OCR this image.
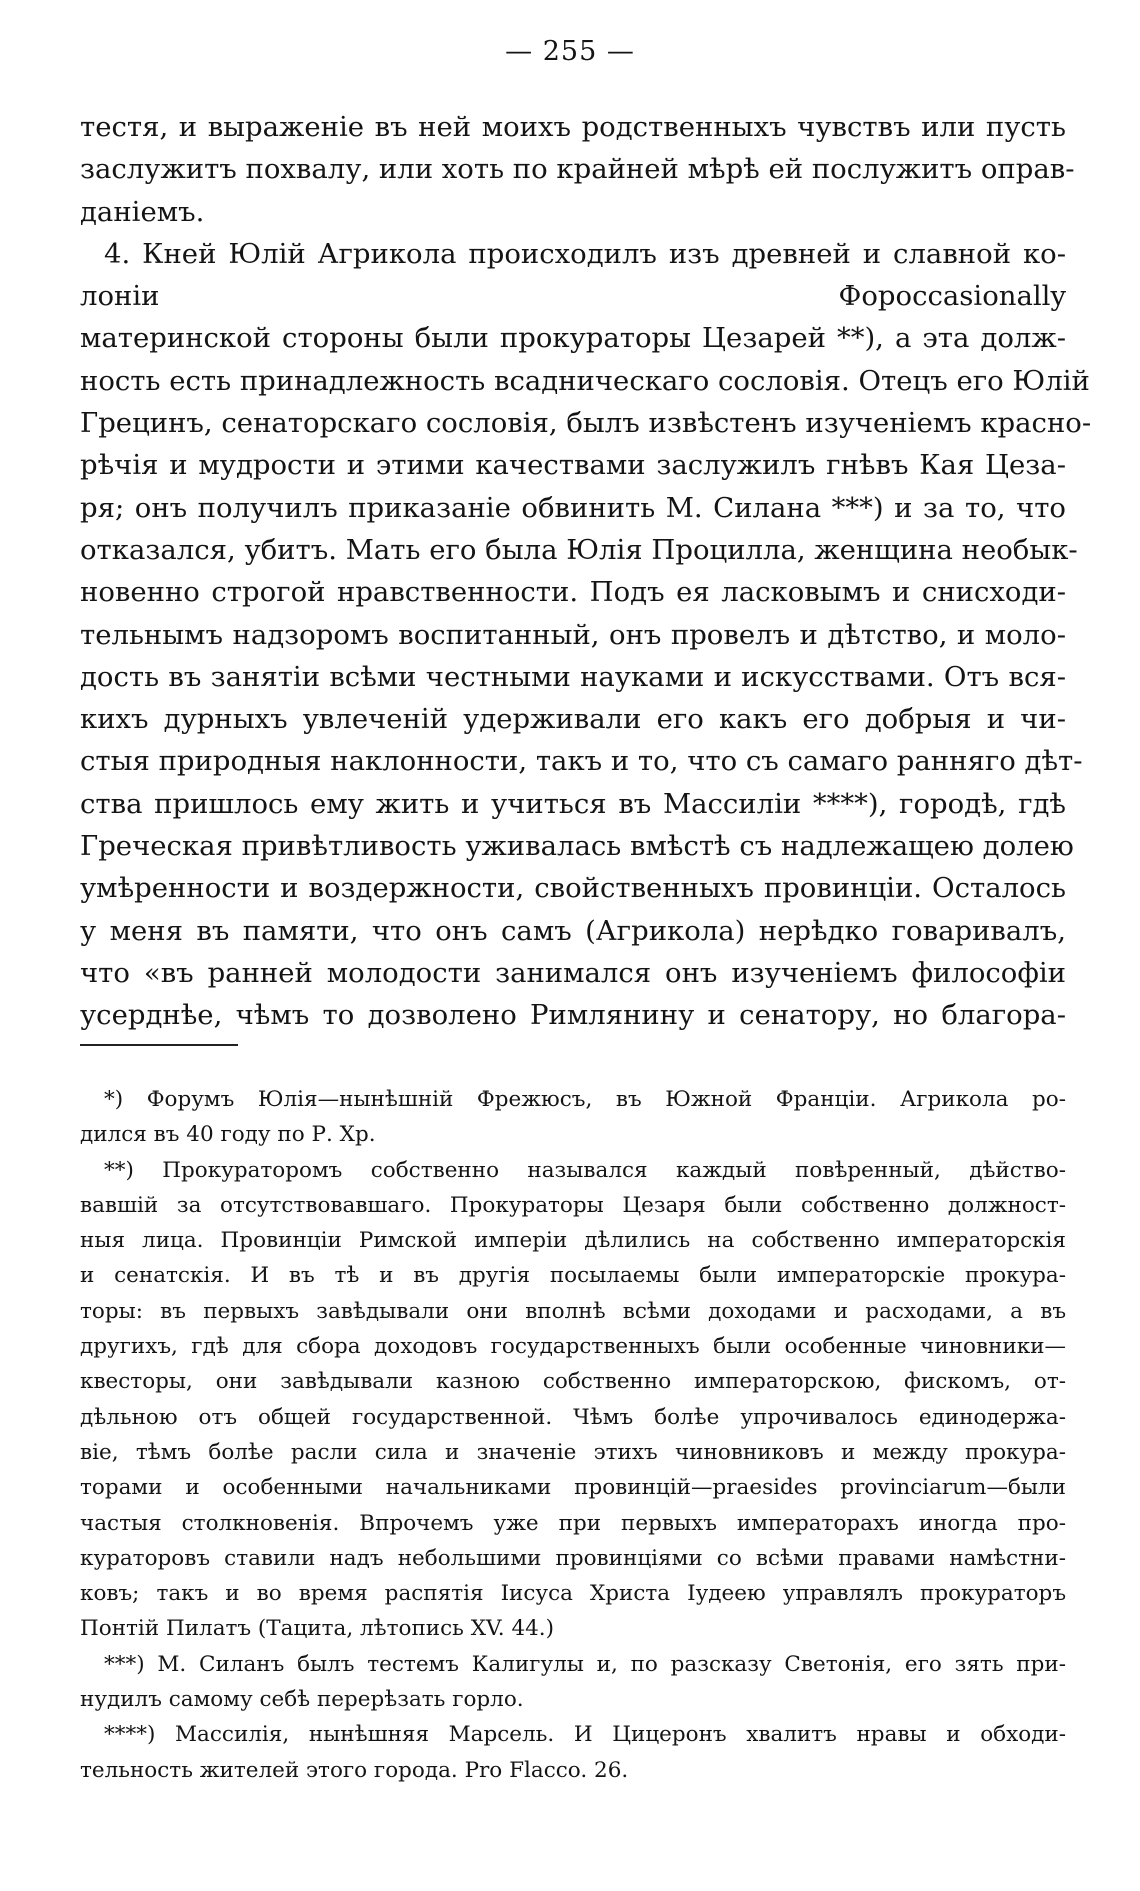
— 255 —
тестя, и выраженіе въ ней моихъ родственныхъ чувствъ или пусть
заслужитъ похвалу, или хоть по крайней мѣрѣ ей послужитъ оправ-
даніемъ.
4. Кней Юлій Агрикола происходилъ изъ древней и славной ко-
лоніи Форoccasionally
материнской стороны были прокураторы Цезарей **), а эта долж-
ность есть принадлежность всадническаго сословія. Отецъ его Юлій
Грецинъ, сенаторскаго сословія, былъ извѣстенъ изученіемъ красно-
рѣчія и мудрости и этими качествами заслужилъ гнѣвъ Кая Цеза-
ря; онъ получилъ приказаніе обвинить М. Силана ***) и за то, что
отказался, убитъ. Мать его была Юлія Процилла, женщина необык-
новенно строгой нравственности. Подъ ея ласковымъ и снисходи-
тельнымъ надзоромъ воспитанный, онъ провелъ и дѣтство, и моло-
дость въ занятіи всѣми честными науками и искусствами. Отъ вся-
кихъ дурныхъ увлеченій удерживали его какъ его добрыя и чи-
стыя природныя наклонности, такъ и то, что съ самаго ранняго дѣт-
ства пришлось ему жить и учиться въ Массиліи ****), городѣ, гдѣ
Греческая привѣтливость уживалась вмѣстѣ съ надлежащею долею
умѣренности и воздержности, свойственныхъ провинціи. Осталось
у меня въ памяти, что онъ самъ (Агрикола) нерѣдко говаривалъ,
что «въ ранней молодости занимался онъ изученіемъ философіи
усерднѣе, чѣмъ то дозволено Римлянину и сенатору, но благора-
*) Форумъ Юлія—нынѣшній Фрежюсъ, въ Южной Франціи. Агрикола ро-
дился въ 40 году по Р. Хр.
**) Прокураторомъ собственно назывался каждый повѣренный, дѣйство-
вавшій за отсутствовавшаго. Прокураторы Цезаря были собственно должност-
ныя лица. Провинціи Римской имперіи дѣлились на собственно императорскія
и сенатскія. И въ тѣ и въ другія посылаемы были императорскіе прокура-
торы: въ первыхъ завѣдывали они вполнѣ всѣми доходами и расходами, а въ
другихъ, гдѣ для сбора доходовъ государственныхъ были особенные чиновники—
квесторы, они завѣдывали казною собственно императорскою, фискомъ, от-
дѣльною отъ общей государственной. Чѣмъ болѣе упрочивалось единодержа-
віе, тѣмъ болѣе расли сила и значеніе этихъ чиновниковъ и между прокура-
торами и особенными начальниками провинцій—praesides provinciarum—были
частыя столкновенія. Впрочемъ уже при первыхъ императорахъ иногда про-
кураторовъ ставили надъ небольшими провинціями со всѣми правами намѣстни-
ковъ; такъ и во время распятія Іисуса Христа Іудеею управлялъ прокураторъ
Понтій Пилатъ (Тацита, лѣтопись XV. 44.)
***) М. Силанъ былъ тестемъ Калигулы и, по разсказу Светонія, его зять при-
нудилъ самому себѣ перерѣзать горло.
****) Массилія, нынѣшняя Марсель. И Цицеронъ хвалитъ нравы и обходи-
тельность жителей этого города. Pro Flacco. 26.
